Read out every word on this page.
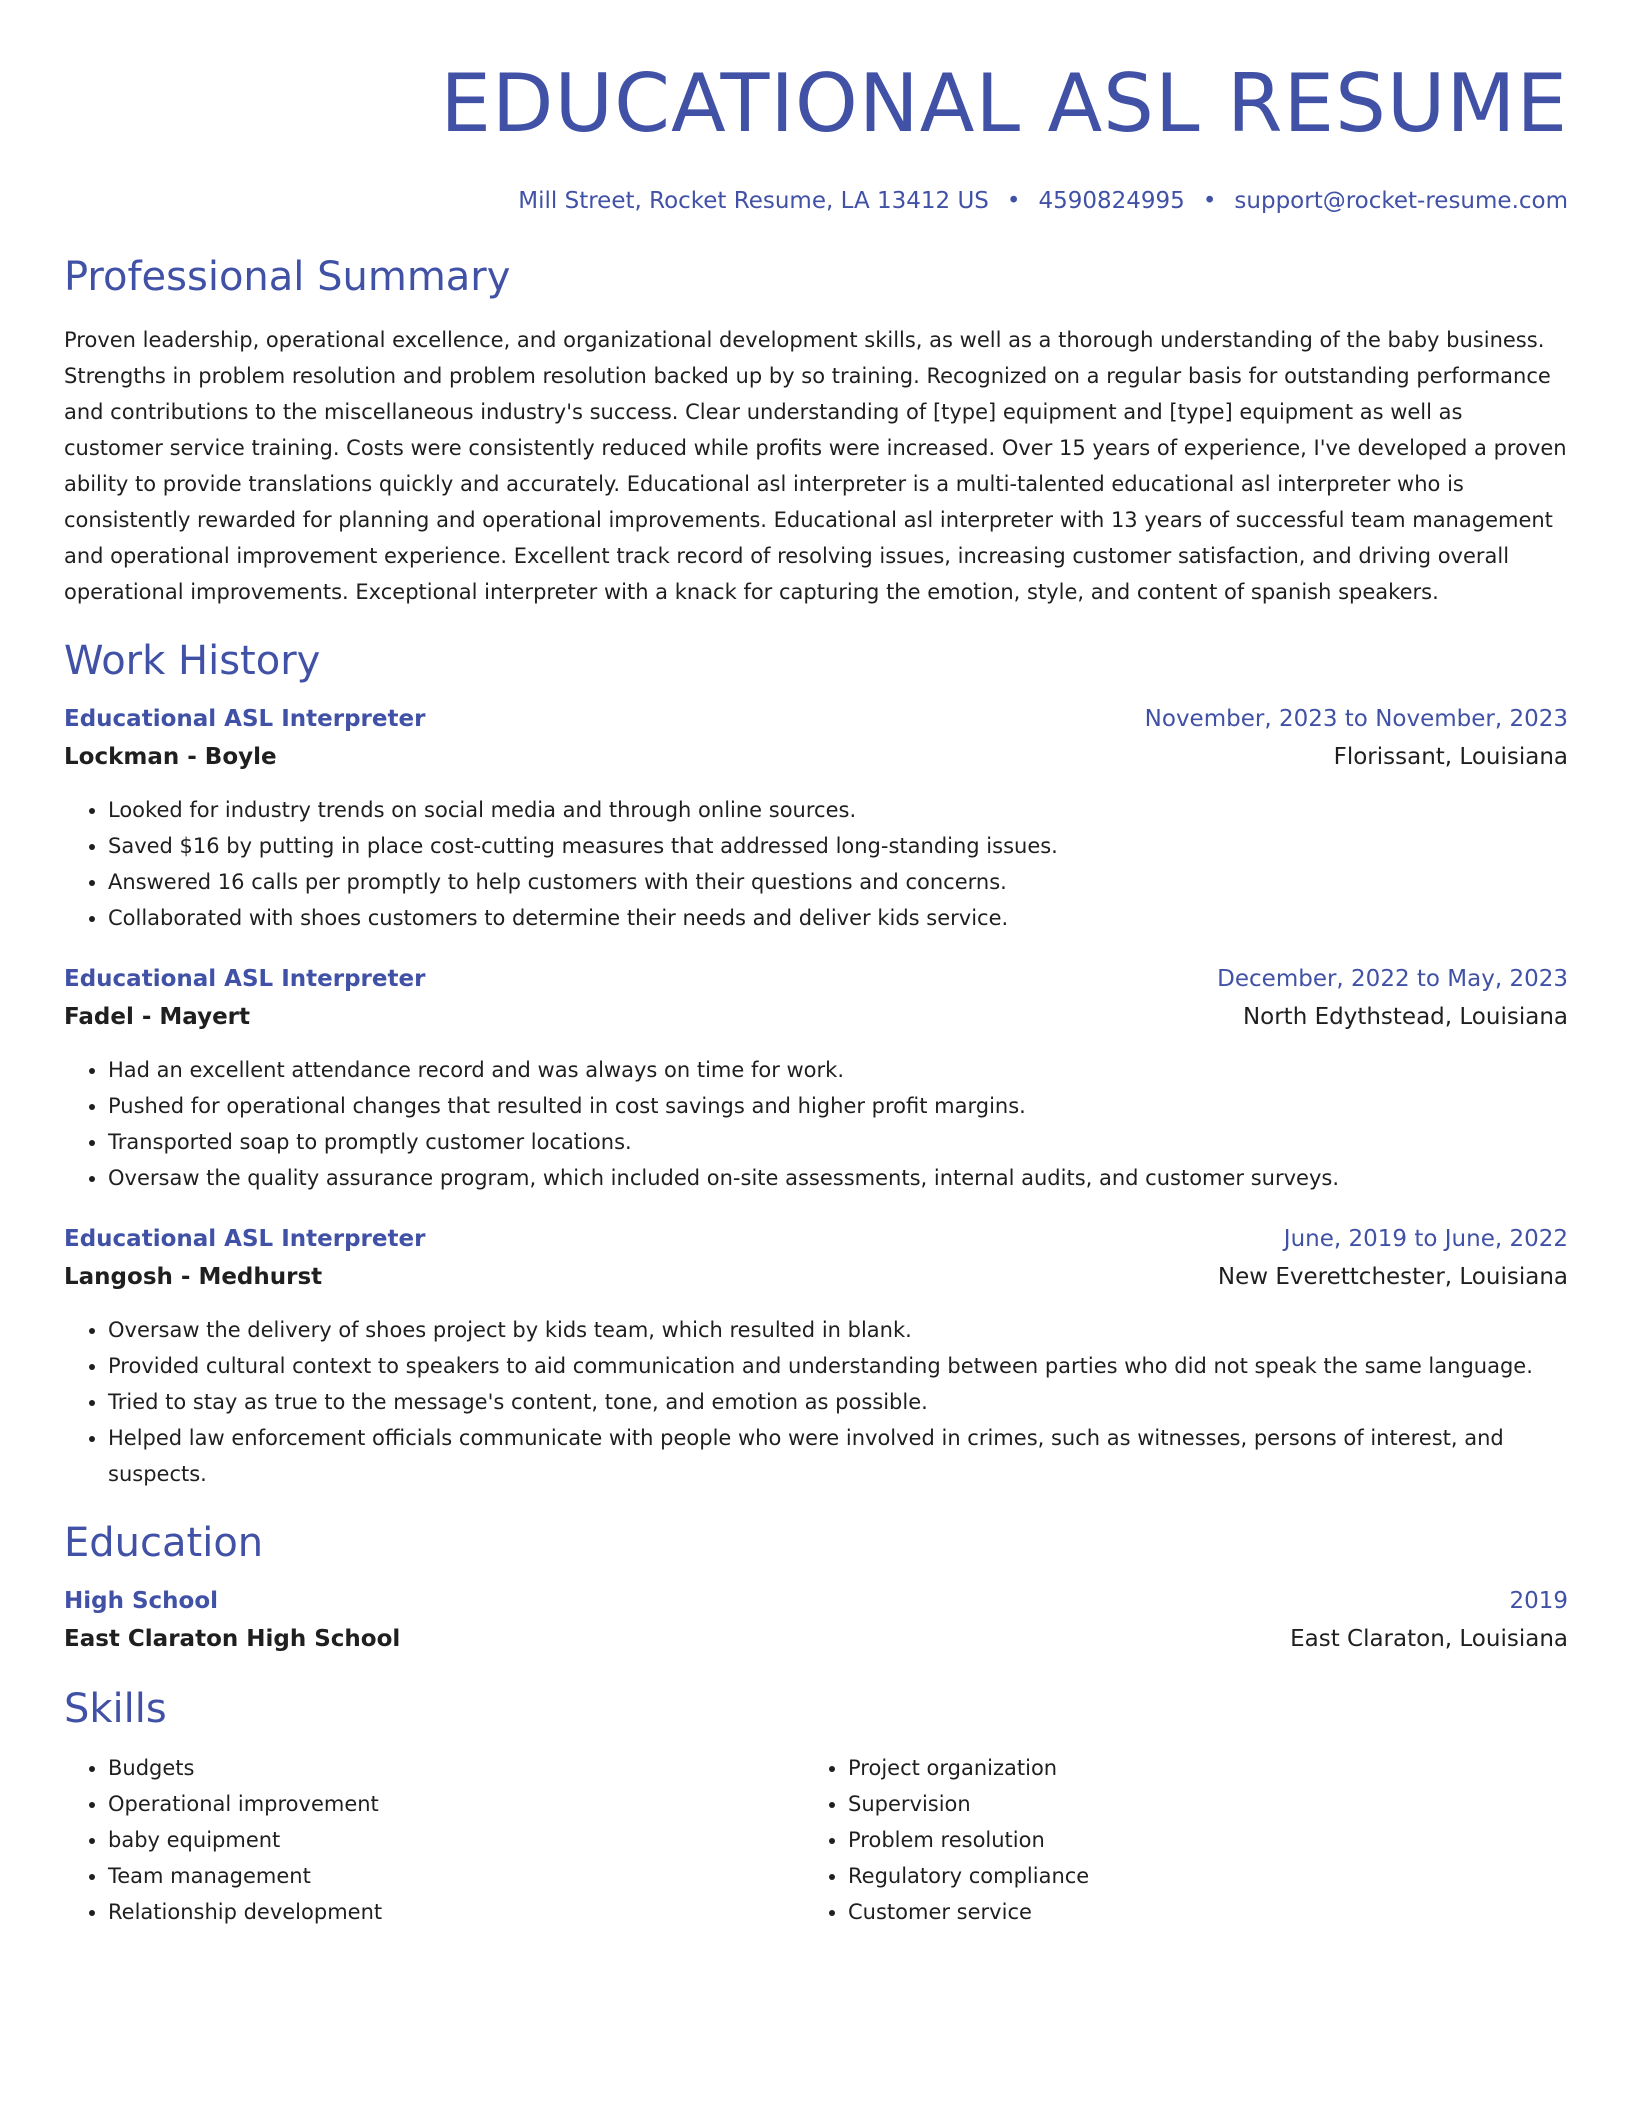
EDUCATIONAL ASL RESUME
Mill Street, Rocket Resume, LA 13412 US • 4590824995 • support@rocket-resume.com
Professional Summary

Proven leadership, operational excellence, and organizational development skills, as well as a thorough understanding of the baby business. Strengths in problem resolution and problem resolution backed up by so training. Recognized on a regular basis for outstanding performance and contributions to the miscellaneous industry's success. Clear understanding of [type] equipment and [type] equipment as well as customer service training. Costs were consistently reduced while profits were increased. Over 15 years of experience, I've developed a proven ability to provide translations quickly and accurately. Educational asl interpreter is a multi-talented educational asl interpreter who is consistently rewarded for planning and operational improvements. Educational asl interpreter with 13 years of successful team management and operational improvement experience. Excellent track record of resolving issues, increasing customer satisfaction, and driving overall operational improvements. Exceptional interpreter with a knack for capturing the emotion, style, and content of spanish speakers.

Work History
Educational ASL Interpreter	November, 2023 to November, 2023
Lockman - Boyle	Florissant, Louisiana
• Looked for industry trends on social media and through online sources.
• Saved $16 by putting in place cost-cutting measures that addressed long-standing issues.
• Answered 16 calls per promptly to help customers with their questions and concerns.
• Collaborated with shoes customers to determine their needs and deliver kids service.
Educational ASL Interpreter	December, 2022 to May, 2023
Fadel - Mayert	North Edythstead, Louisiana
• Had an excellent attendance record and was always on time for work.
• Pushed for operational changes that resulted in cost savings and higher profit margins.
• Transported soap to promptly customer locations.
• Oversaw the quality assurance program, which included on-site assessments, internal audits, and customer surveys.
Educational ASL Interpreter	June, 2019 to June, 2022
Langosh - Medhurst	New Everettchester, Louisiana
• Oversaw the delivery of shoes project by kids team, which resulted in blank.
• Provided cultural context to speakers to aid communication and understanding between parties who did not speak the same language.
• Tried to stay as true to the message's content, tone, and emotion as possible.
• Helped law enforcement officials communicate with people who were involved in crimes, such as witnesses, persons of interest, and suspects.
Education
High School	2019
East Claraton High School	East Claraton, Louisiana
Skills
• Budgets
• Operational improvement
• baby equipment
• Team management
• Relationship development
• Project organization
• Supervision
• Problem resolution
• Regulatory compliance
• Customer service
